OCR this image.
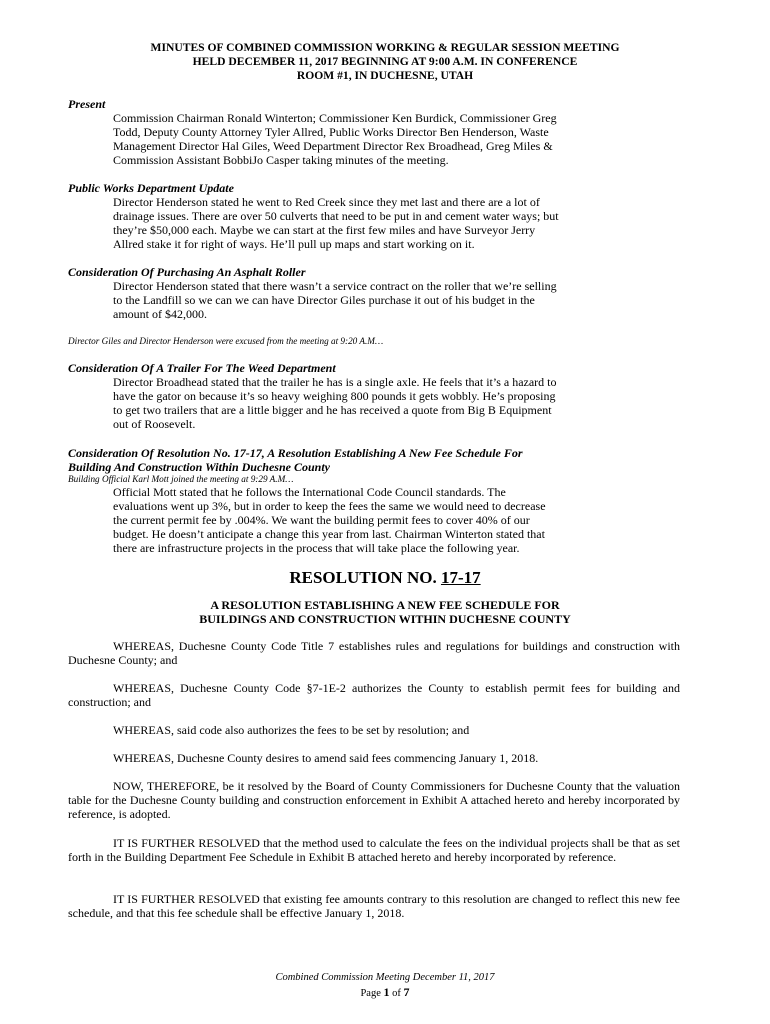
MINUTES OF COMBINED COMMISSION WORKING & REGULAR SESSION MEETING
HELD DECEMBER 11, 2017 BEGINNING AT 9:00 A.M. IN CONFERENCE
ROOM #1, IN DUCHESNE, UTAH
Present
Commission Chairman Ronald Winterton; Commissioner Ken Burdick, Commissioner Greg
Todd, Deputy County Attorney Tyler Allred, Public Works Director Ben Henderson, Waste
Management Director Hal Giles, Weed Department Director Rex Broadhead, Greg Miles &
Commission Assistant BobbiJo Casper taking minutes of the meeting.
Public Works Department Update
Director Henderson stated he went to Red Creek since they met last and there are a lot of
drainage issues. There are over 50 culverts that need to be put in and cement water ways; but
they’re $50,000 each. Maybe we can start at the first few miles and have Surveyor Jerry
Allred stake it for right of ways. He’ll pull up maps and start working on it.
Consideration Of Purchasing An Asphalt Roller
Director Henderson stated that there wasn’t a service contract on the roller that we’re selling
to the Landfill so we can we can have Director Giles purchase it out of his budget in the
amount of $42,000.
Director Giles and Director Henderson were excused from the meeting at 9:20 A.M…
Consideration Of A Trailer For The Weed Department
Director Broadhead stated that the trailer he has is a single axle. He feels that it’s a hazard to
have the gator on because it’s so heavy weighing 800 pounds it gets wobbly. He’s proposing
to get two trailers that are a little bigger and he has received a quote from Big B Equipment
out of Roosevelt.
Consideration Of Resolution No. 17-17, A Resolution Establishing A New Fee Schedule For
Building And Construction Within Duchesne County
Building Official Karl Mott joined the meeting at 9:29 A.M…
Official Mott stated that he follows the International Code Council standards. The
evaluations went up 3%, but in order to keep the fees the same we would need to decrease
the current permit fee by .004%. We want the building permit fees to cover 40% of our
budget. He doesn’t anticipate a change this year from last. Chairman Winterton stated that
there are infrastructure projects in the process that will take place the following year.
RESOLUTION NO. 17-17
A RESOLUTION ESTABLISHING A NEW FEE SCHEDULE FOR
BUILDINGS AND CONSTRUCTION WITHIN DUCHESNE COUNTY
WHEREAS, Duchesne County Code Title 7 establishes rules and regulations for buildings and construction with Duchesne County; and
WHEREAS, Duchesne County Code §7-1E-2 authorizes the County to establish permit fees for building and construction; and
WHEREAS, said code also authorizes the fees to be set by resolution; and
WHEREAS, Duchesne County desires to amend said fees commencing January 1, 2018.
NOW, THEREFORE, be it resolved by the Board of County Commissioners for Duchesne County that the valuation table for the Duchesne County building and construction enforcement in Exhibit A attached hereto and hereby incorporated by reference, is adopted.
IT IS FURTHER RESOLVED that the method used to calculate the fees on the individual projects shall be that as set forth in the Building Department Fee Schedule in Exhibit B attached hereto and hereby incorporated by reference.
IT IS FURTHER RESOLVED that existing fee amounts contrary to this resolution are changed to reflect this new fee schedule, and that this fee schedule shall be effective January 1, 2018.
Combined Commission Meeting December 11, 2017
Page 1 of 7
